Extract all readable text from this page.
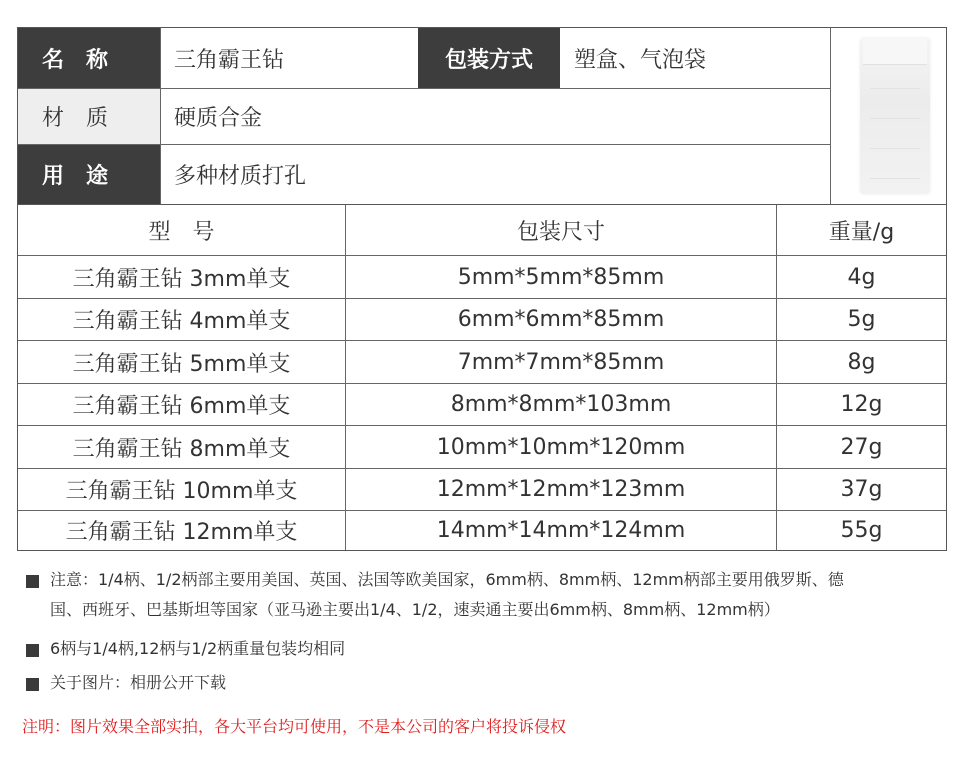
名　称	三角霸王钻	包装方式	塑盒、气泡袋
材　质	硬质合金
用　途	多种材质打孔
型　号	包装尺寸	重量/g
三角霸王钻 3mm单支	5mm*5mm*85mm	4g
三角霸王钻 4mm单支	6mm*6mm*85mm	5g
三角霸王钻 5mm单支	7mm*7mm*85mm	8g
三角霸王钻 6mm单支	8mm*8mm*103mm	12g
三角霸王钻 8mm单支	10mm*10mm*120mm	27g
三角霸王钻 10mm单支	12mm*12mm*123mm	37g
三角霸王钻 12mm单支	14mm*14mm*124mm	55g
注意：1/4柄、1/2柄部主要用美国、英国、法国等欧美国家，6mm柄、8mm柄、12mm柄部主要用俄罗斯、德
国、西班牙、巴基斯坦等国家（亚马逊主要出1/4、1/2，速卖通主要出6mm柄、8mm柄、12mm柄）
6柄与1/4柄,12柄与1/2柄重量包装均相同
关于图片：相册公开下载
注明：图片效果全部实拍，各大平台均可使用，不是本公司的客户将投诉侵权
